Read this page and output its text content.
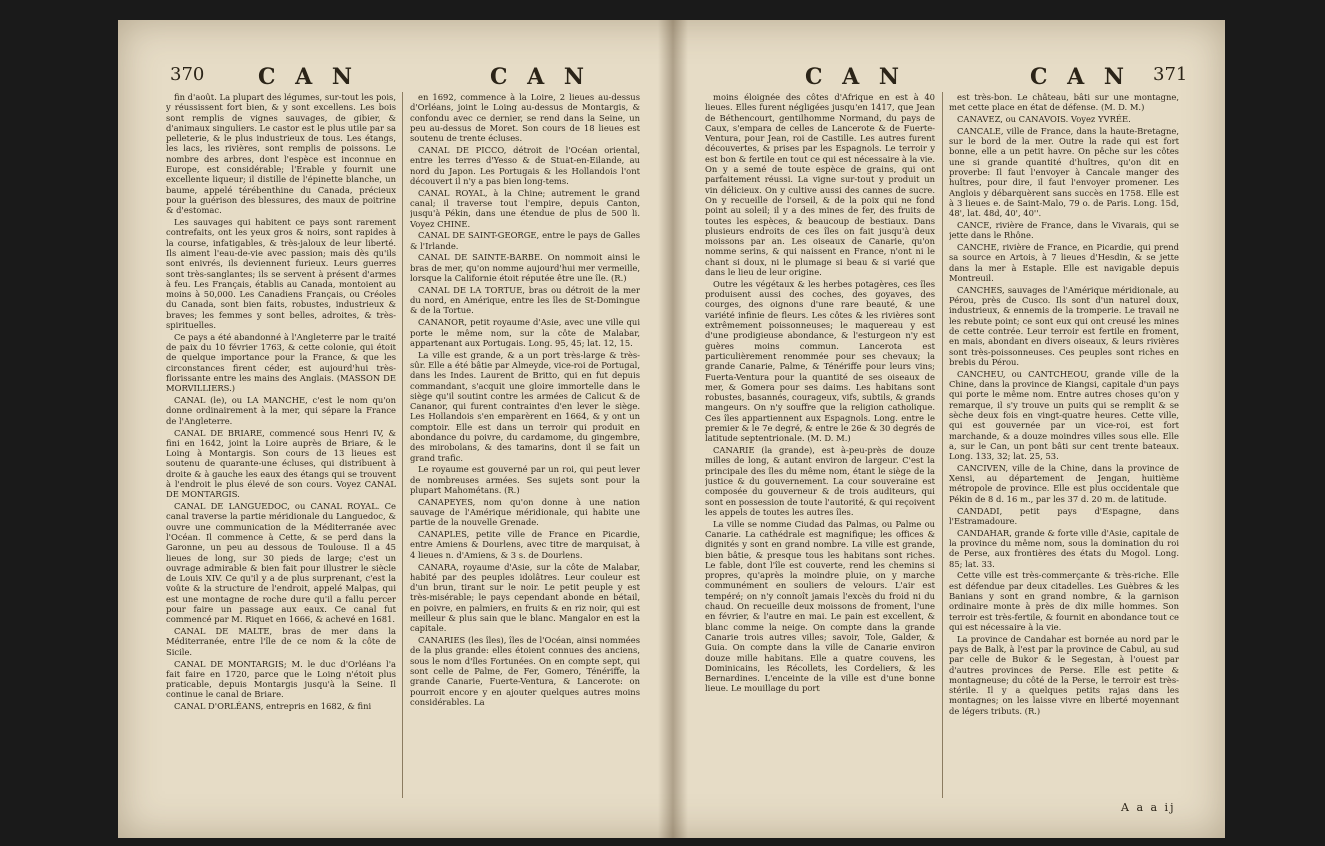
370 C A N	C A N

fin d'août. La plupart des légumes, sur-tout les pois, y réussissent fort bien, & y sont excellens. Les bois sont remplis de vignes sauvages, de gibier, & d'animaux singuliers. Le castor est le plus utile par sa pelleterie, & le plus industrieux de tous. Les étangs, les lacs, les rivières, sont remplis de poissons. Le nombre des arbres, dont l'espèce est inconnue en Europe, est considérable; l'Erable y fournit une excellente liqueur; il distille de l'épinette blanche, un baume, appelé térébenthine du Canada, précieux pour la guérison des blessures, des maux de poitrine & d'estomac.

Les sauvages qui habitent ce pays sont rarement contrefaits, ont les yeux gros & noirs, sont rapides à la course, infatigables, & très-jaloux de leur liberté. Ils aiment l'eau-de-vie avec passion; mais dès qu'ils sont enivrés, ils deviennent furieux. Leurs guerres sont très-sanglantes; ils se servent à présent d'armes à feu. Les Français, établis au Canada, montoient au moins à 50,000. Les Canadiens Français, ou Créoles du Canada, sont bien faits, robustes, industrieux & braves; les femmes y sont belles, adroites, & très-spirituelles.

Ce pays a été abandonné à l'Angleterre par le traité de paix du 10 février 1763, & cette colonie, qui étoit de quelque importance pour la France, & que les circonstances firent céder, est aujourd'hui très-florissante entre les mains des Anglais. (MASSON DE MORVILLIERS.)

CANAL (le), ou LA MANCHE, c'est le nom qu'on donne ordinairement à la mer, qui sépare la France de l'Angleterre.

CANAL DE BRIARE, commencé sous Henri IV, & fini en 1642, joint la Loire auprès de Briare, & le Loing à Montargis. Son cours de 13 lieues est soutenu de quarante-une écluses, qui distribuent à droite & à gauche les eaux des étangs qui se trouvent à l'endroit le plus élevé de son cours. Voyez CANAL DE MONTARGIS.

CANAL DE LANGUEDOC, ou CANAL ROYAL. Ce canal traverse la partie méridionale du Languedoc, & ouvre une communication de la Méditerranée avec l'Océan. Il commence à Cette, & se perd dans la Garonne, un peu au dessous de Toulouse. Il a 45 lieues de long, sur 30 pieds de large; c'est un ouvrage admirable & bien fait pour illustrer le siècle de Louis XIV. Ce qu'il y a de plus surprenant, c'est la voûte & la structure de l'endroit, appelé Malpas, qui est une montagne de roche dure qu'il a fallu percer pour faire un passage aux eaux. Ce canal fut commencé par M. Riquet en 1666, & achevé en 1681.

CANAL DE MALTE, bras de mer dans la Méditerranée, entre l'île de ce nom & la côte de Sicile.

CANAL DE MONTARGIS; M. le duc d'Orléans l'a fait faire en 1720, parce que le Loing n'étoit plus praticable, depuis Montargis jusqu'à la Seine. Il continue le canal de Briare.

CANAL D'ORLÉANS, entrepris en 1682, & fini

en 1692, commence à la Loire, 2 lieues au-dessus d'Orléans, joint le Loing au-dessus de Montargis, & confondu avec ce dernier, se rend dans la Seine, un peu au-dessus de Moret. Son cours de 18 lieues est soutenu de trente écluses.

CANAL DE PICCO, détroit de l'Océan oriental, entre les terres d'Yesso & de Stuat-en-Eilande, au nord du Japon. Les Portugais & les Hollandois l'ont découvert il n'y a pas bien long-tems.

CANAL ROYAL, à la Chine; autrement le grand canal; il traverse tout l'empire, depuis Canton, jusqu'à Pékin, dans une étendue de plus de 500 li. Voyez CHINE.

CANAL DE SAINT-GEORGE, entre le pays de Galles & l'Irlande.

CANAL DE SAINTE-BARBE. On nommoit ainsi le bras de mer, qu'on nomme aujourd'hui mer vermeille, lorsque la Californie étoit réputée être une île. (R.)

CANAL DE LA TORTUE, bras ou détroit de la mer du nord, en Amérique, entre les îles de St-Domingue & de la Tortue.

CANANOR, petit royaume d'Asie, avec une ville qui porte le même nom, sur la côte de Malabar, appartenant aux Portugais. Long. 95, 45; lat. 12, 15.

La ville est grande, & a un port très-large & très-sûr. Elle a été bâtie par Almeyde, vice-roi de Portugal, dans les Indes. Laurent de Britto, qui en fut depuis commandant, s'acquit une gloire immortelle dans le siège qu'il soutint contre les armées de Calicut & de Cananor, qui furent contraintes d'en lever le siège. Les Hollandois s'en emparèrent en 1664, & y ont un comptoir. Elle est dans un terroir qui produit en abondance du poivre, du cardamome, du gingembre, des mirobolans, & des tamarins, dont il se fait un grand trafic.

Le royaume est gouverné par un roi, qui peut lever de nombreuses armées. Ses sujets sont pour la plupart Mahométans. (R.)

CANAPEYES, nom qu'on donne à une nation sauvage de l'Amérique méridionale, qui habite une partie de la nouvelle Grenade.

CANAPLES, petite ville de France en Picardie, entre Amiens & Dourlens, avec titre de marquisat, à 4 lieues n. d'Amiens, & 3 s. de Dourlens.

CANARA, royaume d'Asie, sur la côte de Malabar, habité par des peuples idolâtres. Leur couleur est d'un brun, tirant sur le noir. Le petit peuple y est très-misérable; le pays cependant abonde en bétail, en poivre, en palmiers, en fruits & en riz noir, qui est meilleur & plus sain que le blanc. Mangalor en est la capitale.

CANARIES (les îles), îles de l'Océan, ainsi nommées de la plus grande: elles étoient connues des anciens, sous le nom d'îles Fortunées. On en compte sept, qui sont celle de Palme, de Fer, Gomero, Ténériffe, la grande Canarie, Fuerte-Ventura, & Lancerote: on pourroit encore y en ajouter quelques autres moins considérables. La

C A N	C A N 371

moins éloignée des côtes d'Afrique en est à 40 lieues. Elles furent négligées jusqu'en 1417, que Jean de Béthencourt, gentilhomme Normand, du pays de Caux, s'empara de celles de Lancerote & de Fuerte-Ventura, pour Jean, roi de Castille. Les autres furent découvertes, & prises par les Espagnols. Le terroir y est bon & fertile en tout ce qui est nécessaire à la vie. On y a semé de toute espèce de grains, qui ont parfaitement réussi. La vigne sur-tout y produit un vin délicieux. On y cultive aussi des cannes de sucre. On y recueille de l'orseil, & de la poix qui ne fond point au soleil; il y a des mines de fer, des fruits de toutes les espèces, & beaucoup de bestiaux. Dans plusieurs endroits de ces îles on fait jusqu'à deux moissons par an. Les oiseaux de Canarie, qu'on nomme serins, & qui naissent en France, n'ont ni le chant si doux, ni le plumage si beau & si varié que dans le lieu de leur origine.

Outre les végétaux & les herbes potagères, ces îles produisent aussi des coches, des goyaves, des courges, des oignons d'une rare beauté, & une variété infinie de fleurs. Les côtes & les rivières sont extrêmement poissonneuses; le maquereau y est d'une prodigieuse abondance, & l'esturgeon n'y est guères moins commun. Lancerota est particulièrement renommée pour ses chevaux; la grande Canarie, Palme, & Ténériffe pour leurs vins; Fuerta-Ventura pour la quantité de ses oiseaux de mer, & Gomera pour ses daims. Les habitans sont robustes, basannés, courageux, vifs, subtils, & grands mangeurs. On n'y souffre que la religion catholique. Ces îles appartiennent aux Espagnols. Long. entre le premier & le 7e degré, & entre le 26e & 30 degrés de latitude septentrionale. (M. D. M.)

CANARIE (la grande), est à-peu-près de douze milles de long, & autant environ de largeur. C'est la principale des îles du même nom, étant le siège de la justice & du gouvernement. La cour souveraine est composée du gouverneur & de trois auditeurs, qui sont en possession de toute l'autorité, & qui reçoivent les appels de toutes les autres îles.

La ville se nomme Ciudad das Palmas, ou Palme ou Canarie. La cathédrale est magnifique; les offices & dignités y sont en grand nombre. La ville est grande, bien bâtie, & presque tous les habitans sont riches. Le fable, dont l'île est couverte, rend les chemins si propres, qu'après la moindre pluie, on y marche communément en souliers de velours. L'air est tempéré; on n'y connoît jamais l'excès du froid ni du chaud. On recueille deux moissons de froment, l'une en février, & l'autre en mai. Le pain est excellent, & blanc comme la neige. On compte dans la grande Canarie trois autres villes; savoir, Tole, Galder, & Guia. On compte dans la ville de Canarie environ douze mille habitans. Elle a quatre couvens, les Dominicains, les Récollets, les Cordeliers, & les Bernardines. L'enceinte de la ville est d'une bonne lieue. Le mouillage du port

est très-bon. Le château, bâti sur une montagne, met cette place en état de défense. (M. D. M.)

CANAVEZ, ou CANAVOIS. Voyez YVRÉE.

CANCALE, ville de France, dans la haute-Bretagne, sur le bord de la mer. Outre la rade qui est fort bonne, elle a un petit havre. On pêche sur les côtes une si grande quantité d'huîtres, qu'on dit en proverbe: Il faut l'envoyer à Cancale manger des huîtres, pour dire, il faut l'envoyer promener. Les Anglois y débarquèrent sans succès en 1758. Elle est à 3 lieues e. de Saint-Malo, 79 o. de Paris. Long. 15d, 48', lat. 48d, 40', 40''.

CANCE, rivière de France, dans le Vivarais, qui se jette dans le Rhône.

CANCHE, rivière de France, en Picardie, qui prend sa source en Artois, à 7 lieues d'Hesdin, & se jette dans la mer à Estaple. Elle est navigable depuis Montreuil.

CANCHES, sauvages de l'Amérique méridionale, au Pérou, près de Cusco. Ils sont d'un naturel doux, industrieux, & ennemis de la tromperie. Le travail ne les rebute point; ce sont eux qui ont creusé les mines de cette contrée. Leur terroir est fertile en froment, en mais, abondant en divers oiseaux, & leurs rivières sont très-poissonneuses. Ces peuples sont riches en brebis du Pérou.

CANCHEU, ou CANTCHEOU, grande ville de la Chine, dans la province de Kiangsi, capitale d'un pays qui porte le même nom. Entre autres choses qu'on y remarque, il s'y trouve un puits qui se remplit & se sèche deux fois en vingt-quatre heures. Cette ville, qui est gouvernée par un vice-roi, est fort marchande, & a douze moindres villes sous elle. Elle a, sur le Can, un pont bâti sur cent trente bateaux. Long. 133, 32; lat. 25, 53.

CANCIVEN, ville de la Chine, dans la province de Xensi, au département de Jengan, huitième métropole de province. Elle est plus occidentale que Pékin de 8 d. 16 m., par les 37 d. 20 m. de latitude.

CANDADI, petit pays d'Espagne, dans l'Estramadoure.

CANDAHAR, grande & forte ville d'Asie, capitale de la province du même nom, sous la domination du roi de Perse, aux frontières des états du Mogol. Long. 85; lat. 33.

Cette ville est très-commerçante & très-riche. Elle est défendue par deux citadelles. Les Guèbres & les Banians y sont en grand nombre, & la garnison ordinaire monte à près de dix mille hommes. Son terroir est très-fertile, & fournit en abondance tout ce qui est nécessaire à la vie.

La province de Candahar est bornée au nord par le pays de Balk, à l'est par la province de Cabul, au sud par celle de Bukor & le Segestan, à l'ouest par d'autres provinces de Perse. Elle est petite & montagneuse; du côté de la Perse, le terroir est très-stérile. Il y a quelques petits rajas dans les montagnes; on les laisse vivre en liberté moyennant de légers tributs. (R.)

A a a ij
